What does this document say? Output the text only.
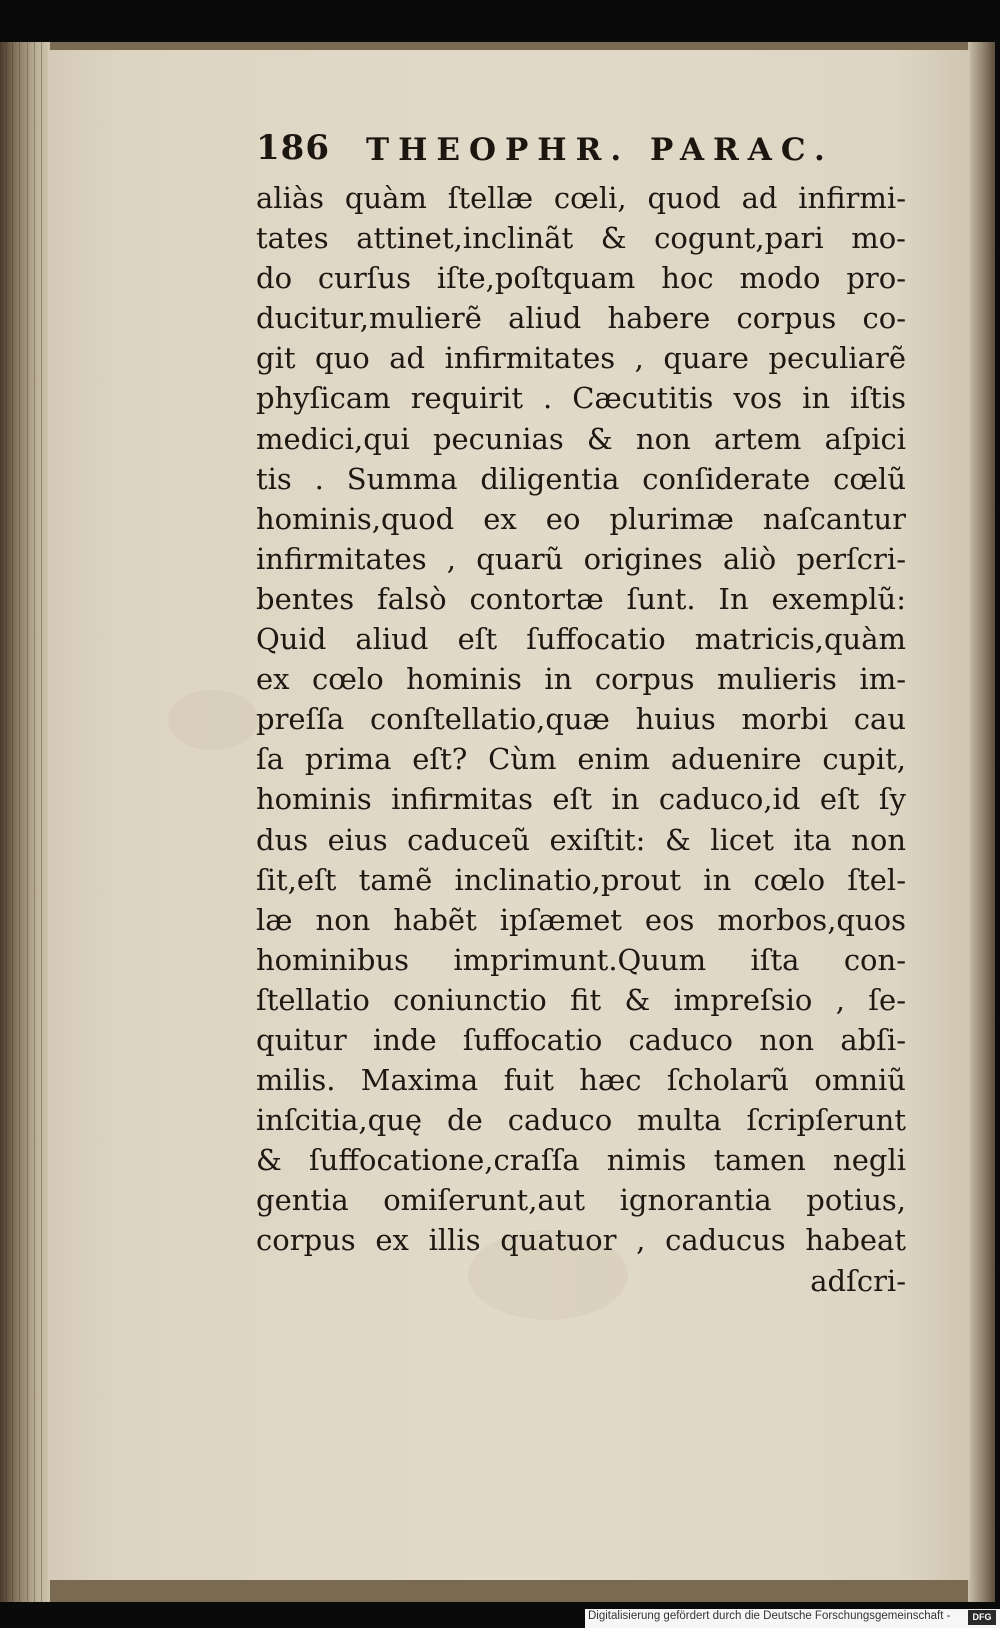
186 THEOPHR. PARAC.
aliàs quàm ſtellæ cœli, quod ad infirmi-
tates attinet,inclinãt & cogunt,pari mo-
do curſus iſte,poſtquam hoc modo pro-
ducitur,mulierẽ aliud habere corpus co-
git quo ad infirmitates , quare peculiarẽ
phyſicam requirit . Cæcutitis vos in iſtis
medici,qui pecunias & non artem aſpici
tis . Summa diligentia conſiderate cœlũ
hominis,quod ex eo plurimæ naſcantur
infirmitates , quarũ origines aliò perſcri-
bentes falsò contortæ ſunt. In exemplũ:
Quid aliud eſt ſuffocatio matricis,quàm
ex cœlo hominis in corpus mulieris im-
preſſa conſtellatio,quæ huius morbi cau
ſa prima eſt? Cùm enim aduenire cupit,
hominis infirmitas eſt in caduco,id eſt ſy
dus eius caduceũ exiſtit: & licet ita non
ſit,eſt tamẽ inclinatio,prout in cœlo ſtel-
læ non habẽt ipſæmet eos morbos,quos
hominibus imprimunt.Quum iſta con-
ſtellatio coniunctio fit & impreſsio , ſe-
quitur inde ſuffocatio caduco non abſi-
milis. Maxima fuit hæc ſcholarũ omniũ
inſcitia,quę de caduco multa ſcripſerunt
& ſuffocatione,craſſa nimis tamen negli
gentia omiſerunt,aut ignorantia potius,
corpus ex illis quatuor , caducus habeat
adſcri-
Digitalisierung gefördert durch die Deutsche Forschungsgemeinschaft -	DFG
